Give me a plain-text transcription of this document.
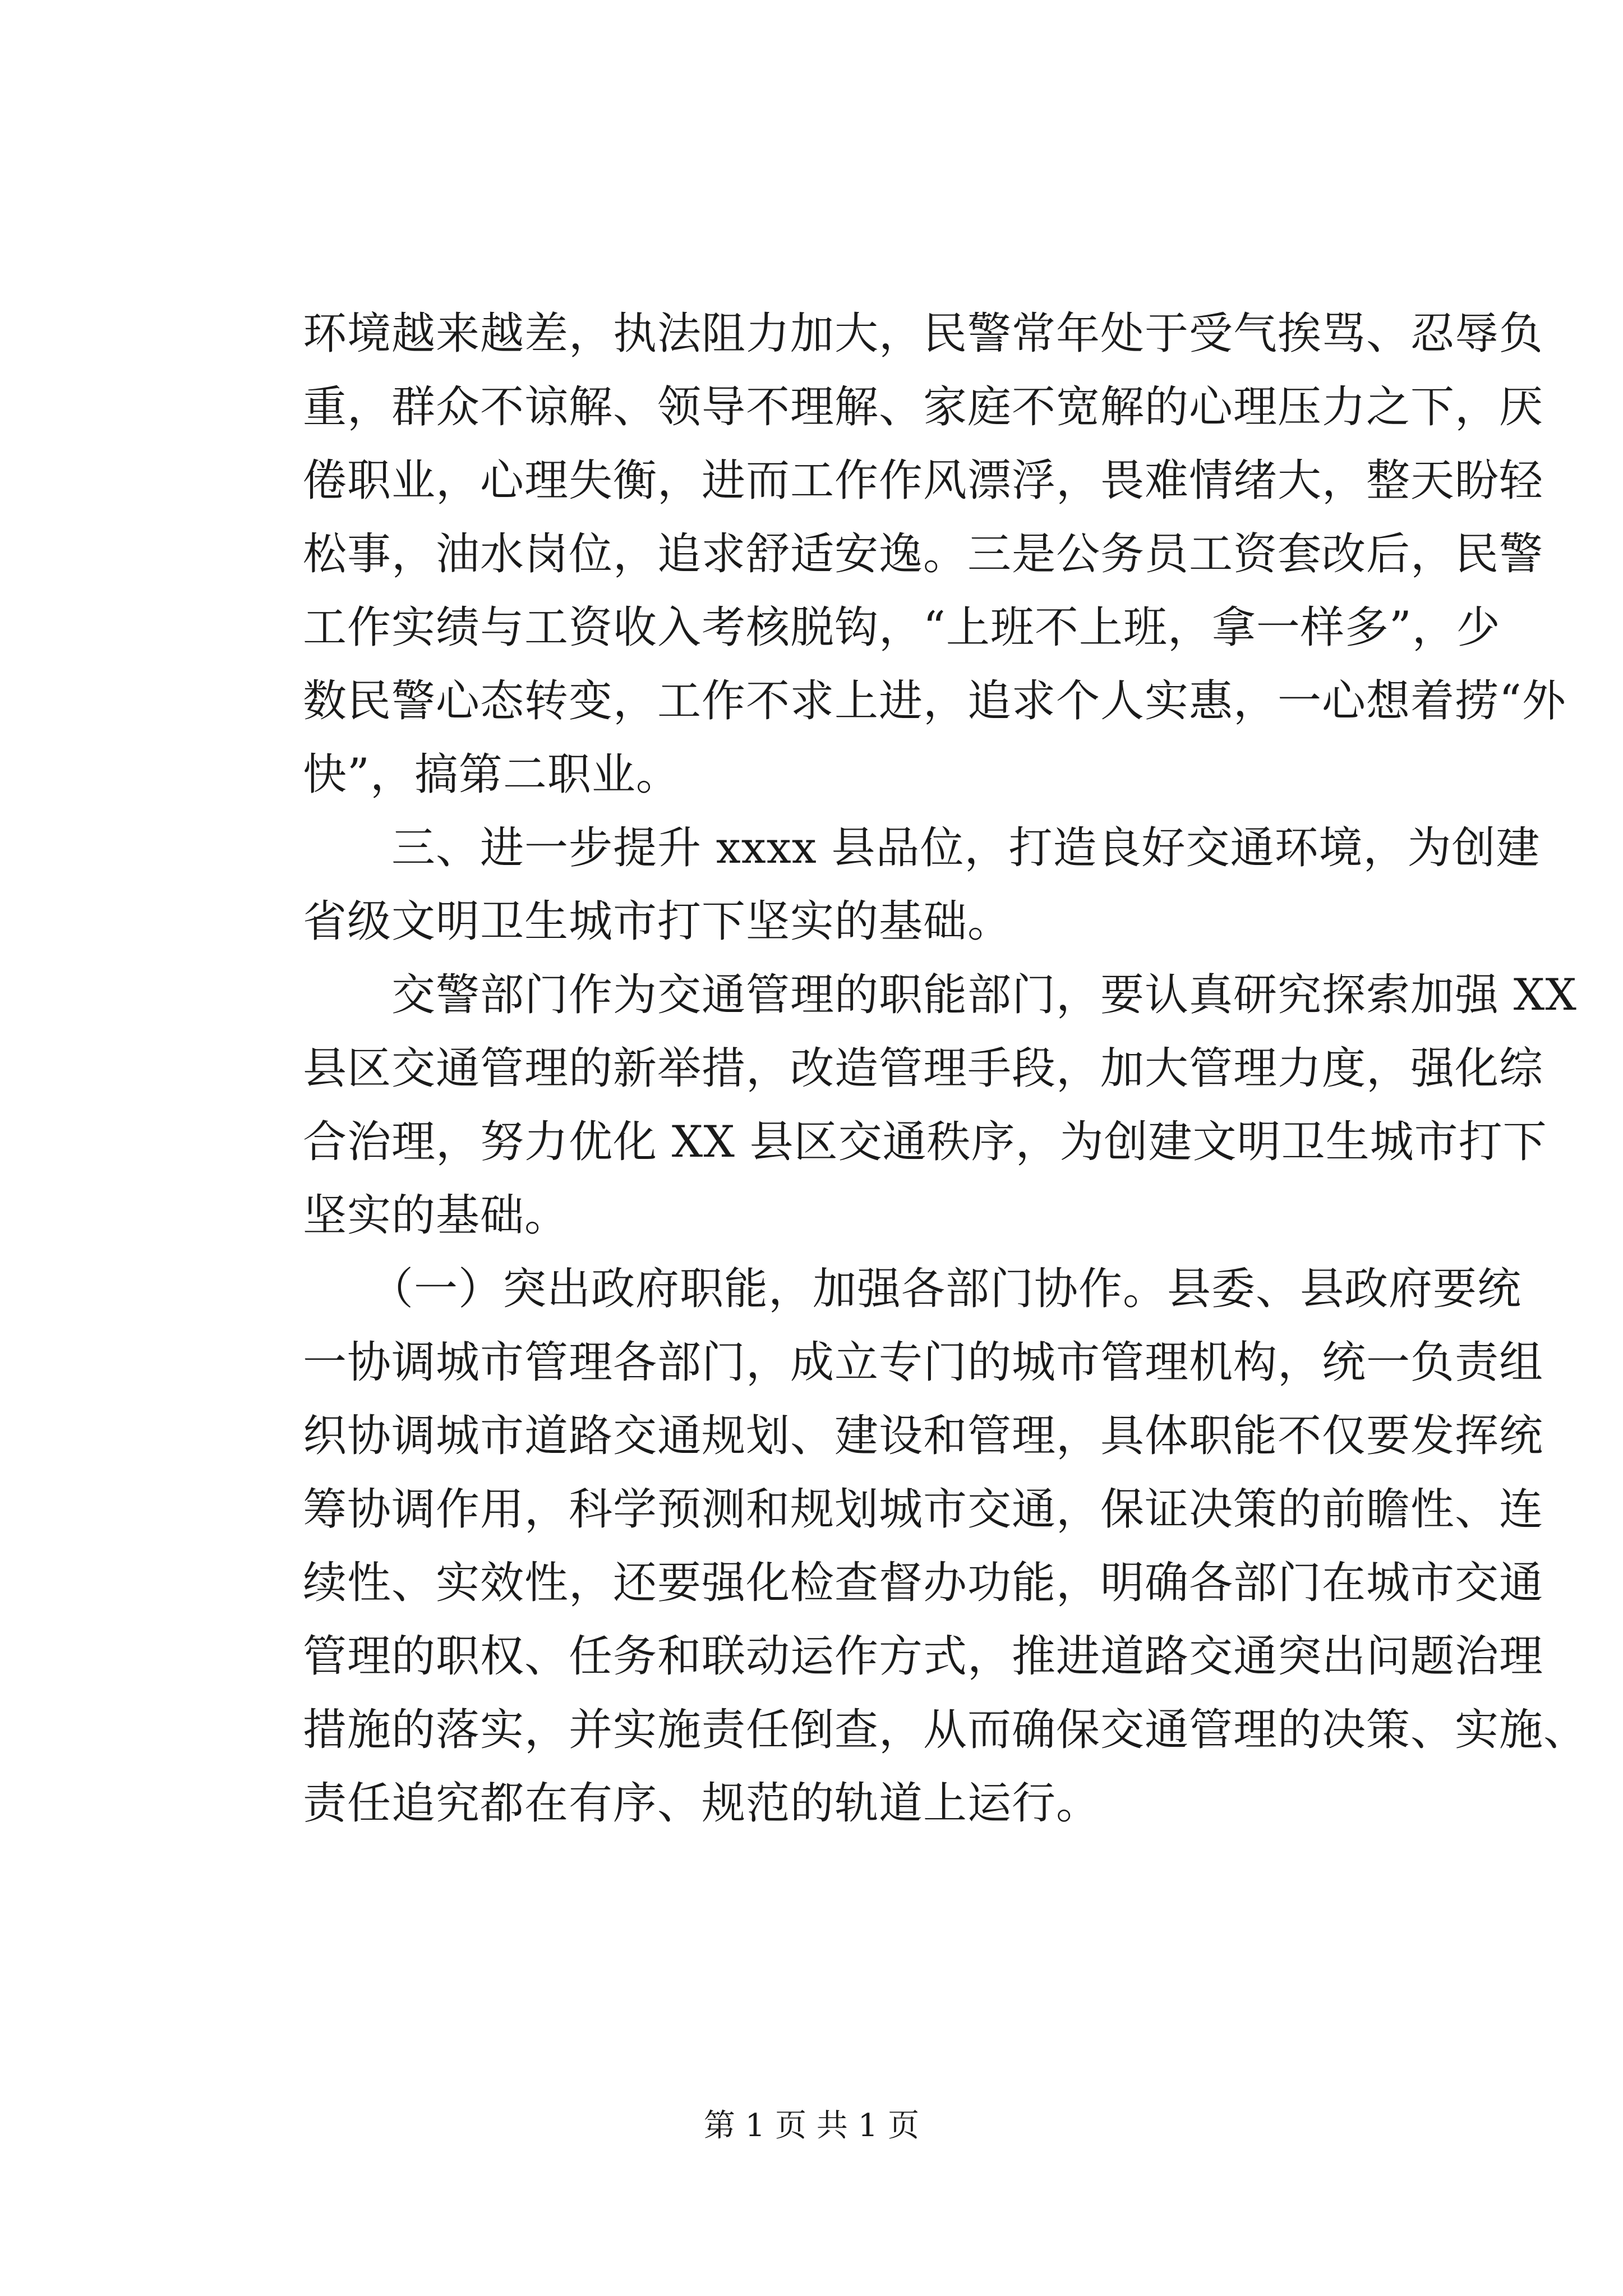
环境越来越差，执法阻力加大，民警常年处于受气挨骂、忍辱负
重，群众不谅解、领导不理解、家庭不宽解的心理压力之下，厌
倦职业，心理失衡，进而工作作风漂浮，畏难情绪大，整天盼轻
松事，油水岗位，追求舒适安逸。三是公务员工资套改后，民警
工作实绩与工资收入考核脱钩，“上班不上班，拿一样多”，少
数民警心态转变，工作不求上进，追求个人实惠，一心想着捞“外
快”，搞第二职业。
　　三、进一步提升 xxxx 县品位，打造良好交通环境，为创建
省级文明卫生城市打下坚实的基础。
　　交警部门作为交通管理的职能部门，要认真研究探索加强 XX
县区交通管理的新举措，改造管理手段，加大管理力度，强化综
合治理，努力优化 XX 县区交通秩序，为创建文明卫生城市打下
坚实的基础。
　　（一）突出政府职能，加强各部门协作。县委、县政府要统
一协调城市管理各部门，成立专门的城市管理机构，统一负责组
织协调城市道路交通规划、建设和管理，具体职能不仅要发挥统
筹协调作用，科学预测和规划城市交通，保证决策的前瞻性、连
续性、实效性，还要强化检查督办功能，明确各部门在城市交通
管理的职权、任务和联动运作方式，推进道路交通突出问题治理
措施的落实，并实施责任倒查，从而确保交通管理的决策、实施、
责任追究都在有序、规范的轨道上运行。
第 1 页 共 1 页
